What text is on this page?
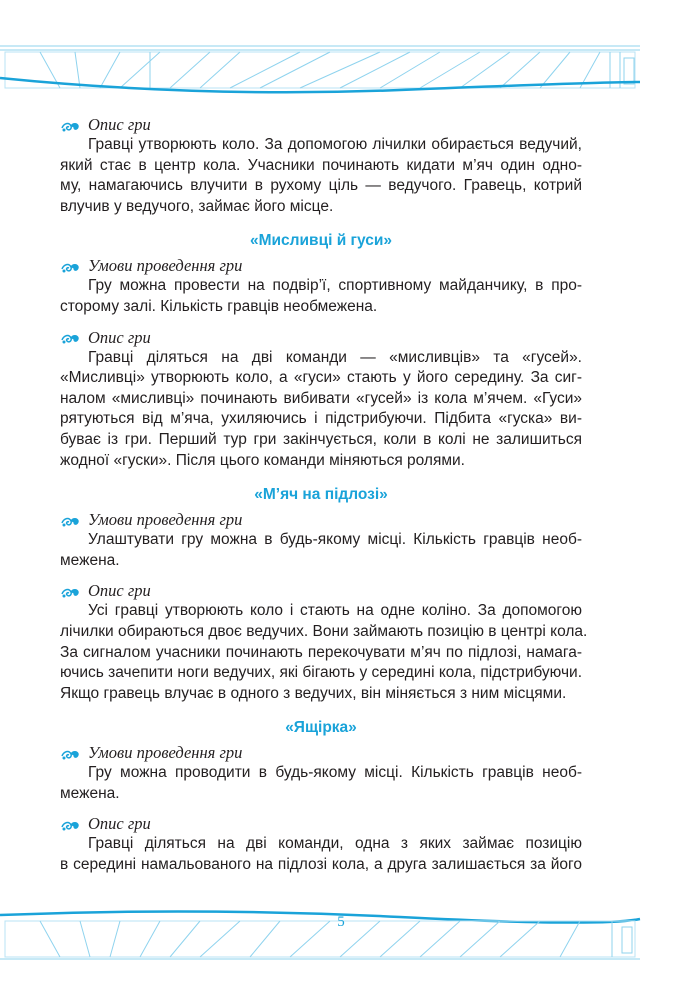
Опис гри
Гравці утворюють коло. За допомогою лічилки обирається ведучий,
який стає в центр кола. Учасники починають кидати м’яч один одно-
му, намагаючись влучити в рухому ціль — ведучого. Гравець, котрий
влучив у ведучого, займає його місце.
«Мисливці й гуси»
Умови проведення гри
Гру можна провести на подвір’ї, спортивному майданчику, в про-
сторому залі. Кількість гравців необмежена.
Опис гри
Гравці діляться на дві команди — «мисливців» та «гусей».
«Мисливці» утворюють коло, а «гуси» стають у його середину. За сиг-
налом «мисливці» починають вибивати «гусей» із кола м’ячем. «Гуси»
рятуються від м’яча, ухиляючись і підстрибуючи. Підбита «гуска» ви-
буває із гри. Перший тур гри закінчується, коли в колі не залишиться
жодної «гуски». Після цього команди міняються ролями.
«М’яч на підлозі»
Умови проведення гри
Улаштувати гру можна в будь-якому місці. Кількість гравців необ-
межена.
Опис гри
Усі гравці утворюють коло і стають на одне коліно. За допомогою
лічилки обираються двоє ведучих. Вони займають позицію в центрі кола.
За сигналом учасники починають перекочувати м’яч по підлозі, намага-
ючись зачепити ноги ведучих, які бігають у середині кола, підстрибуючи.
Якщо гравець влучає в одного з ведучих, він міняється з ним місцями.
«Ящірка»
Умови проведення гри
Гру можна проводити в будь-якому місці. Кількість гравців необ-
межена.
Опис гри
Гравці діляться на дві команди, одна з яких займає позицію
в середині намальованого на підлозі кола, а друга залишається за його
5
